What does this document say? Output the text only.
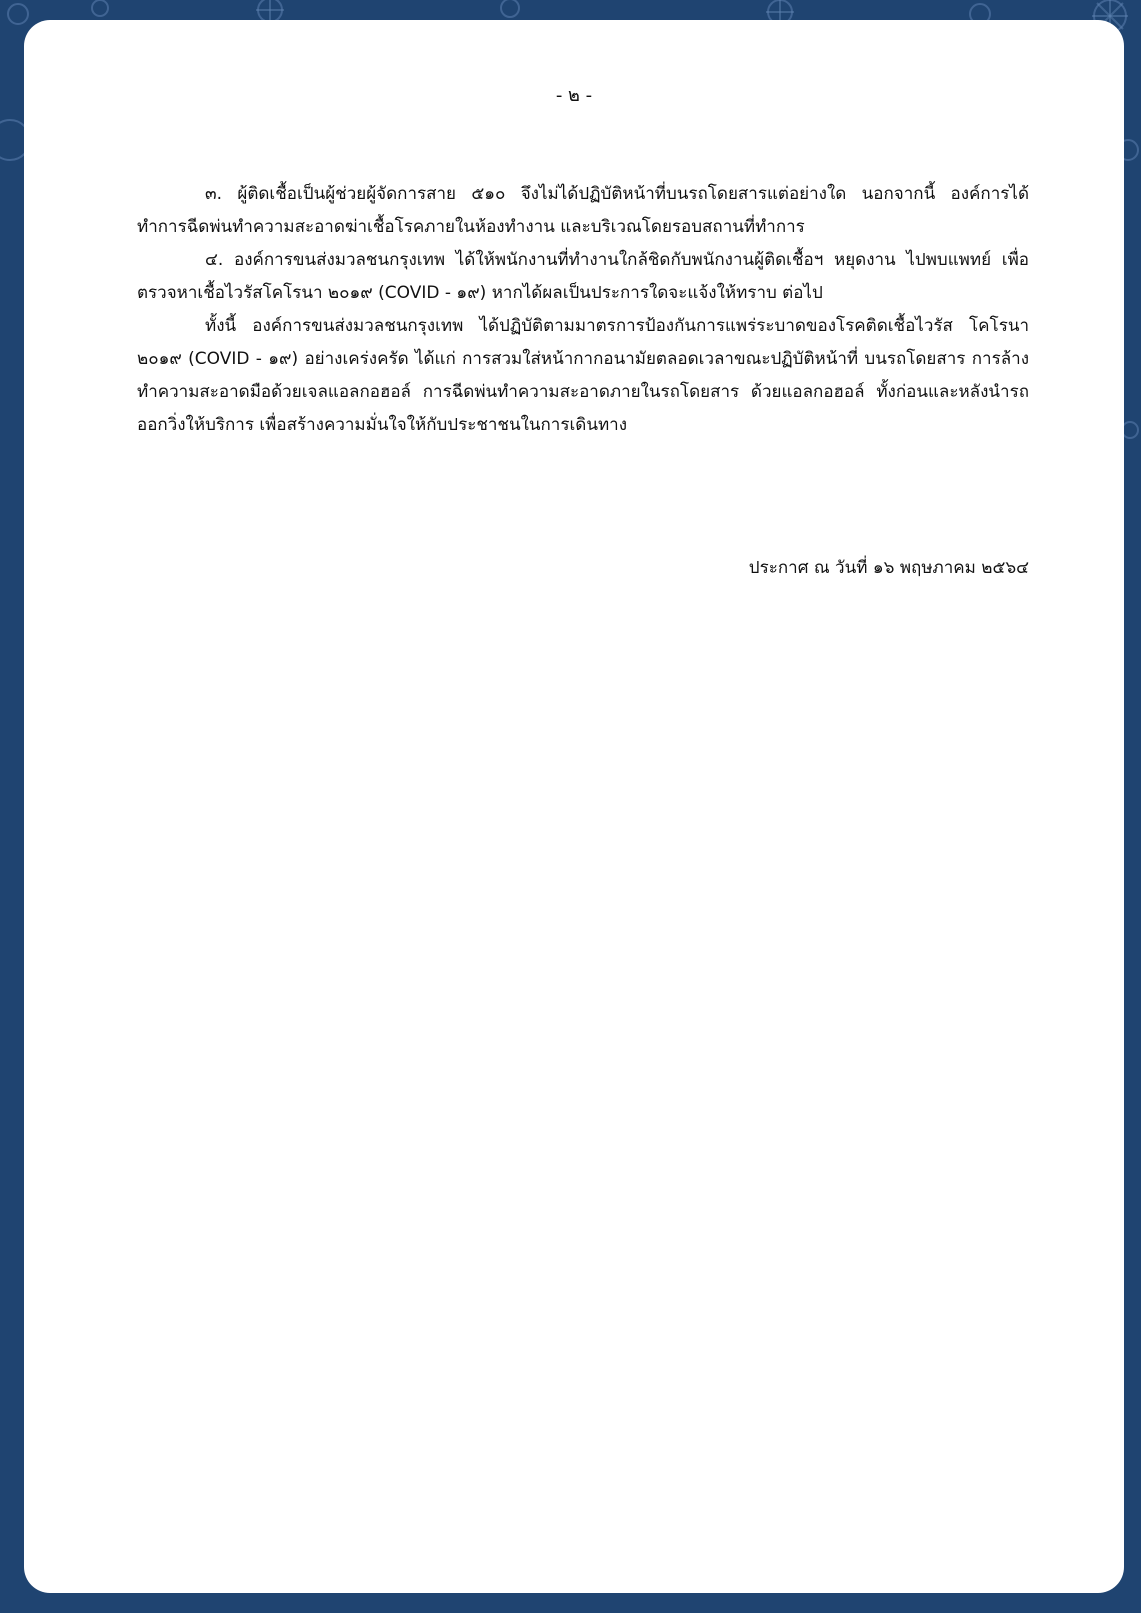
- ๒ -

๓. ผู้ติดเชื้อเป็นผู้ช่วยผู้จัดการสาย ๕๑๐ จึงไม่ได้ปฏิบัติหน้าที่บนรถโดยสารแต่อย่างใด นอกจากนี้ องค์การได้ทำการฉีดพ่นทำความสะอาดฆ่าเชื้อโรคภายในห้องทำงาน และบริเวณโดยรอบสถานที่ทำการ

๔. องค์การขนส่งมวลชนกรุงเทพ ได้ให้พนักงานที่ทำงานใกล้ชิดกับพนักงานผู้ติดเชื้อฯ หยุดงาน ไปพบแพทย์ เพื่อตรวจหาเชื้อไวรัสโคโรนา ๒๐๑๙ (COVID - ๑๙) หากได้ผลเป็นประการใดจะแจ้งให้ทราบ ต่อไป

ทั้งนี้ องค์การขนส่งมวลชนกรุงเทพ ได้ปฏิบัติตามมาตรการป้องกันการแพร่ระบาดของโรคติดเชื้อไวรัส โคโรนา ๒๐๑๙ (COVID - ๑๙) อย่างเคร่งครัด ได้แก่ การสวมใส่หน้ากากอนามัยตลอดเวลาขณะปฏิบัติหน้าที่ บนรถโดยสาร การล้างทำความสะอาดมือด้วยเจลแอลกอฮอล์ การฉีดพ่นทำความสะอาดภายในรถโดยสาร ด้วยแอลกอฮอล์ ทั้งก่อนและหลังนำรถออกวิ่งให้บริการ เพื่อสร้างความมั่นใจให้กับประชาชนในการเดินทาง

ประกาศ ณ วันที่ ๑๖ พฤษภาคม ๒๕๖๔
